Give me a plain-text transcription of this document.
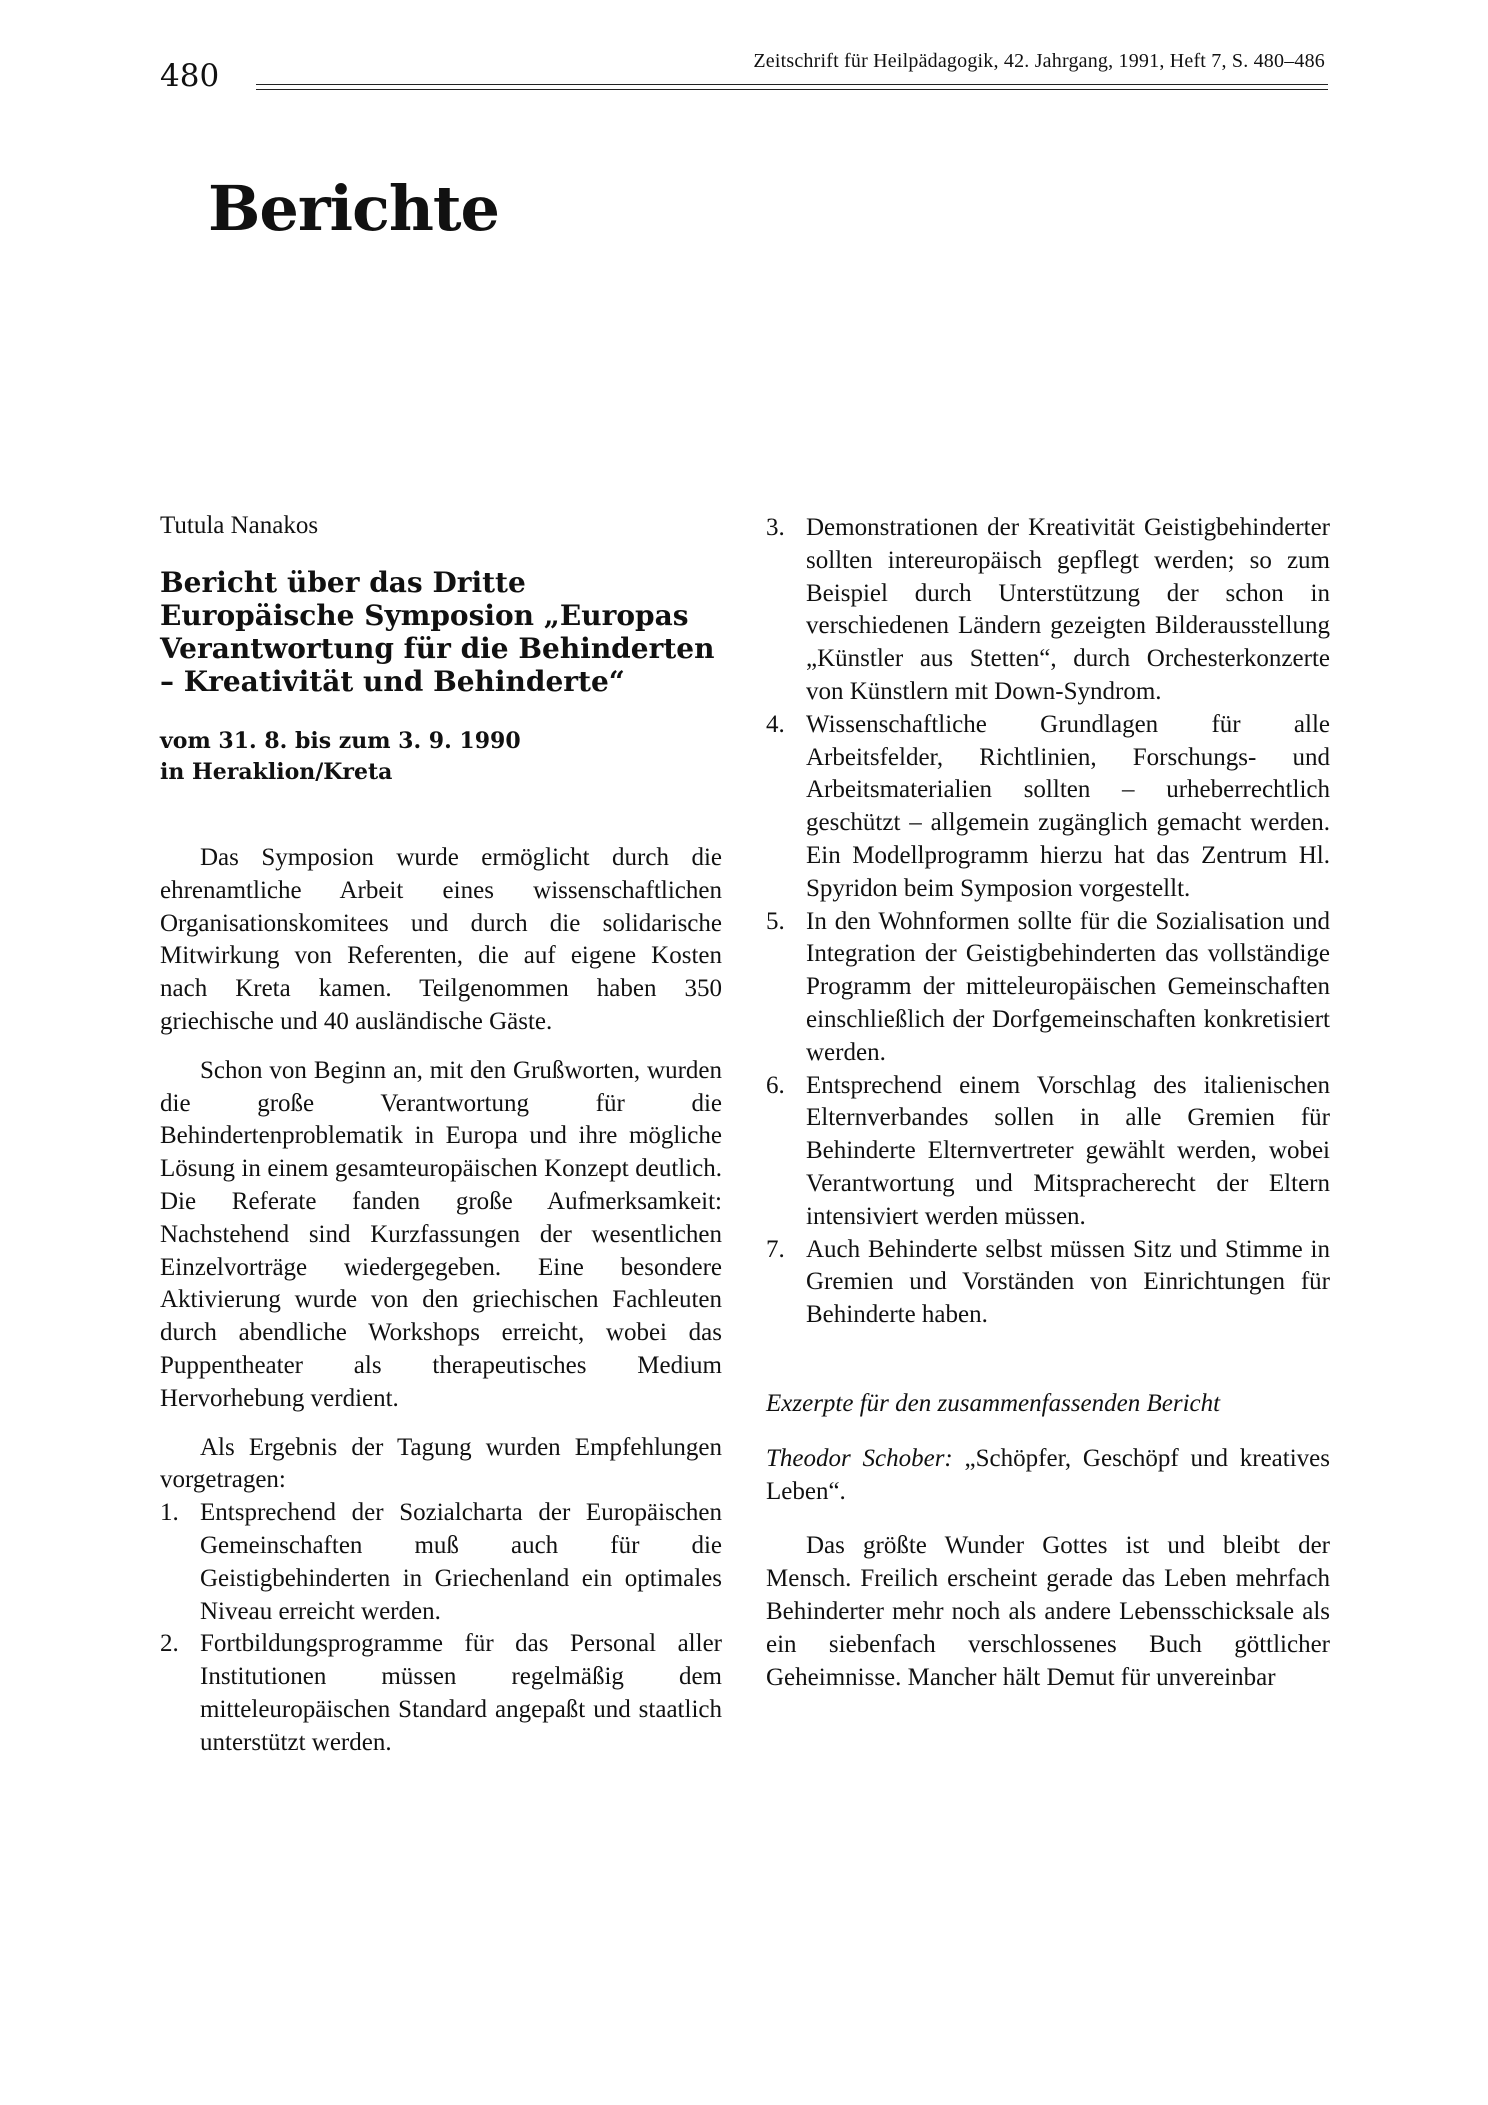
480	Zeitschrift für Heilpädagogik, 42. Jahrgang, 1991, Heft 7, S. 480–486
Berichte
Tutula Nanakos
Bericht über das Dritte Europäische Symposion „Europas Verantwortung für die Behinderten – Kreativität und Behinderte“
vom 31. 8. bis zum 3. 9. 1990
in Heraklion/Kreta

Das Symposion wurde ermöglicht durch die ehrenamtliche Arbeit eines wissenschaftlichen Organisationskomitees und durch die solidarische Mitwirkung von Referenten, die auf eigene Kosten nach Kreta kamen. Teilgenommen haben 350 griechische und 40 ausländische Gäste.

Schon von Beginn an, mit den Grußworten, wurden die große Verantwortung für die Behindertenproblematik in Europa und ihre mögliche Lösung in einem gesamteuropäischen Konzept deutlich. Die Referate fanden große Aufmerksamkeit: Nachstehend sind Kurzfassungen der wesentlichen Einzelvorträge wiedergegeben. Eine besondere Aktivierung wurde von den griechischen Fachleuten durch abendliche Workshops erreicht, wobei das Puppentheater als therapeutisches Medium Hervorhebung verdient.

Als Ergebnis der Tagung wurden Empfehlungen vorgetragen:

1. Entsprechend der Sozialcharta der Europäischen Gemeinschaften muß auch für die Geistigbehinderten in Griechenland ein optimales Niveau erreicht werden.
2. Fortbildungsprogramme für das Personal aller Institutionen müssen regelmäßig dem mitteleuropäischen Standard angepaßt und staatlich unterstützt werden.
3. Demonstrationen der Kreativität Geistigbehinderter sollten intereuropäisch gepflegt werden; so zum Beispiel durch Unterstützung der schon in verschiedenen Ländern gezeigten Bilderausstellung „Künstler aus Stetten“, durch Orchesterkonzerte von Künstlern mit Down-Syndrom.
4. Wissenschaftliche Grundlagen für alle Arbeitsfelder, Richtlinien, Forschungs- und Arbeitsmaterialien sollten – urheberrechtlich geschützt – allgemein zugänglich gemacht werden. Ein Modellprogramm hierzu hat das Zentrum Hl. Spyridon beim Symposion vorgestellt.
5. In den Wohnformen sollte für die Sozialisation und Integration der Geistigbehinderten das vollständige Programm der mitteleuropäischen Gemeinschaften einschließlich der Dorfgemeinschaften konkretisiert werden.
6. Entsprechend einem Vorschlag des italienischen Elternverbandes sollen in alle Gremien für Behinderte Elternvertreter gewählt werden, wobei Verantwortung und Mitspracherecht der Eltern intensiviert werden müssen.
7. Auch Behinderte selbst müssen Sitz und Stimme in Gremien und Vorständen von Einrichtungen für Behinderte haben.

Exzerpte für den zusammenfassenden Bericht

Theodor Schober: „Schöpfer, Geschöpf und kreatives Leben“.

Das größte Wunder Gottes ist und bleibt der Mensch. Freilich erscheint gerade das Leben mehrfach Behinderter mehr noch als andere Lebensschicksale als ein siebenfach verschlossenes Buch göttlicher Geheimnisse. Mancher hält Demut für unvereinbar
